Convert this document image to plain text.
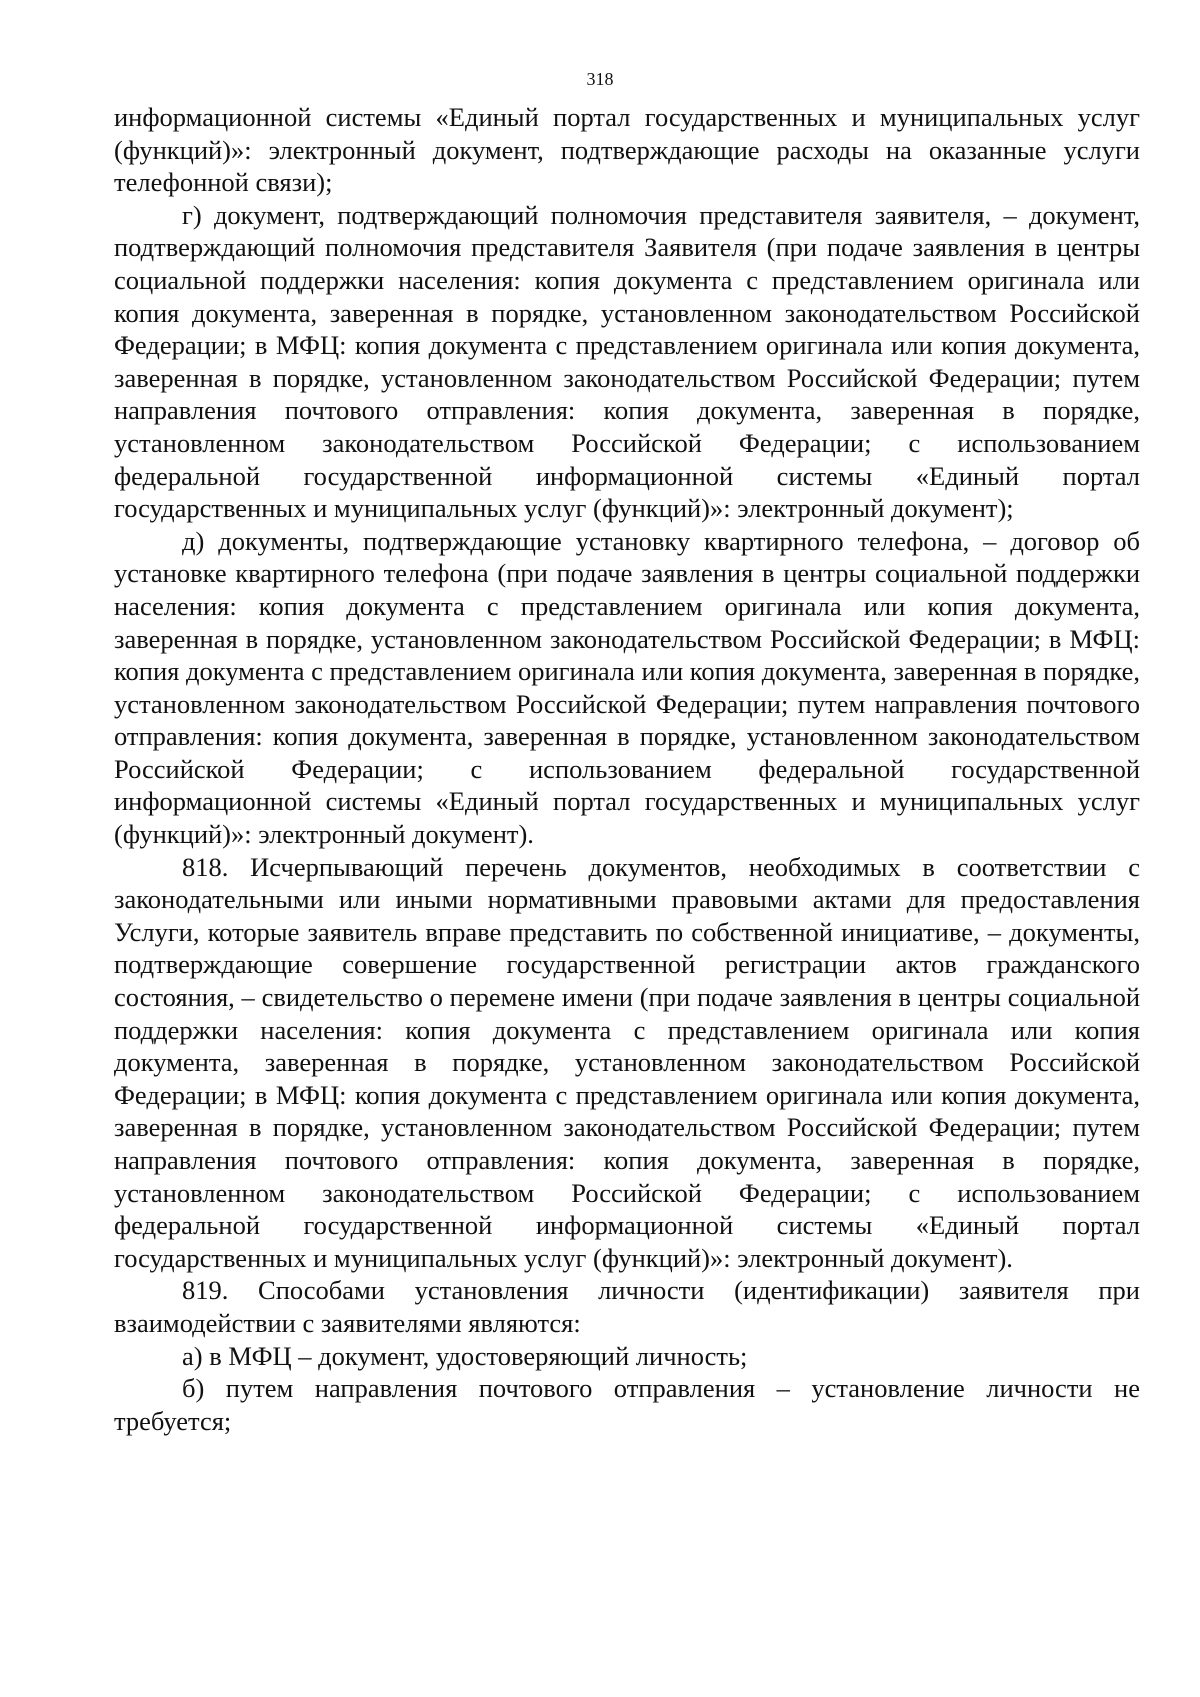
318

информационной системы «Единый портал государственных и муниципальных услуг (функций)»: электронный документ, подтверждающие расходы на оказанные услуги телефонной связи);

г) документ, подтверждающий полномочия представителя заявителя, – документ, подтверждающий полномочия представителя Заявителя (при подаче заявления в центры социальной поддержки населения: копия документа с представлением оригинала или копия документа, заверенная в порядке, установленном законодательством Российской Федерации; в МФЦ: копия документа с представлением оригинала или копия документа, заверенная в порядке, установленном законодательством Российской Федерации; путем направления почтового отправления: копия документа, заверенная в порядке, установленном законодательством Российской Федерации; с использованием федеральной государственной информационной системы «Единый портал государственных и муниципальных услуг (функций)»: электронный документ);

д) документы, подтверждающие установку квартирного телефона, – договор об установке квартирного телефона (при подаче заявления в центры социальной поддержки населения: копия документа с представлением оригинала или копия документа, заверенная в порядке, установленном законодательством Российской Федерации; в МФЦ: копия документа с представлением оригинала или копия документа, заверенная в порядке, установленном законодательством Российской Федерации; путем направления почтового отправления: копия документа, заверенная в порядке, установленном законодательством Российской Федерации; с использованием федеральной государственной информационной системы «Единый портал государственных и муниципальных услуг (функций)»: электронный документ).

818. Исчерпывающий перечень документов, необходимых в соответствии с законодательными или иными нормативными правовыми актами для предоставления Услуги, которые заявитель вправе представить по собственной инициативе, – документы, подтверждающие совершение государственной регистрации актов гражданского состояния, – свидетельство о перемене имени (при подаче заявления в центры социальной поддержки населения: копия документа с представлением оригинала или копия документа, заверенная в порядке, установленном законодательством Российской Федерации; в МФЦ: копия документа с представлением оригинала или копия документа, заверенная в порядке, установленном законодательством Российской Федерации; путем направления почтового отправления: копия документа, заверенная в порядке, установленном законодательством Российской Федерации; с использованием федеральной государственной информационной системы «Единый портал государственных и муниципальных услуг (функций)»: электронный документ).

819. Способами установления личности (идентификации) заявителя при взаимодействии с заявителями являются:

а) в МФЦ – документ, удостоверяющий личность;

б) путем направления почтового отправления – установление личности не требуется;
